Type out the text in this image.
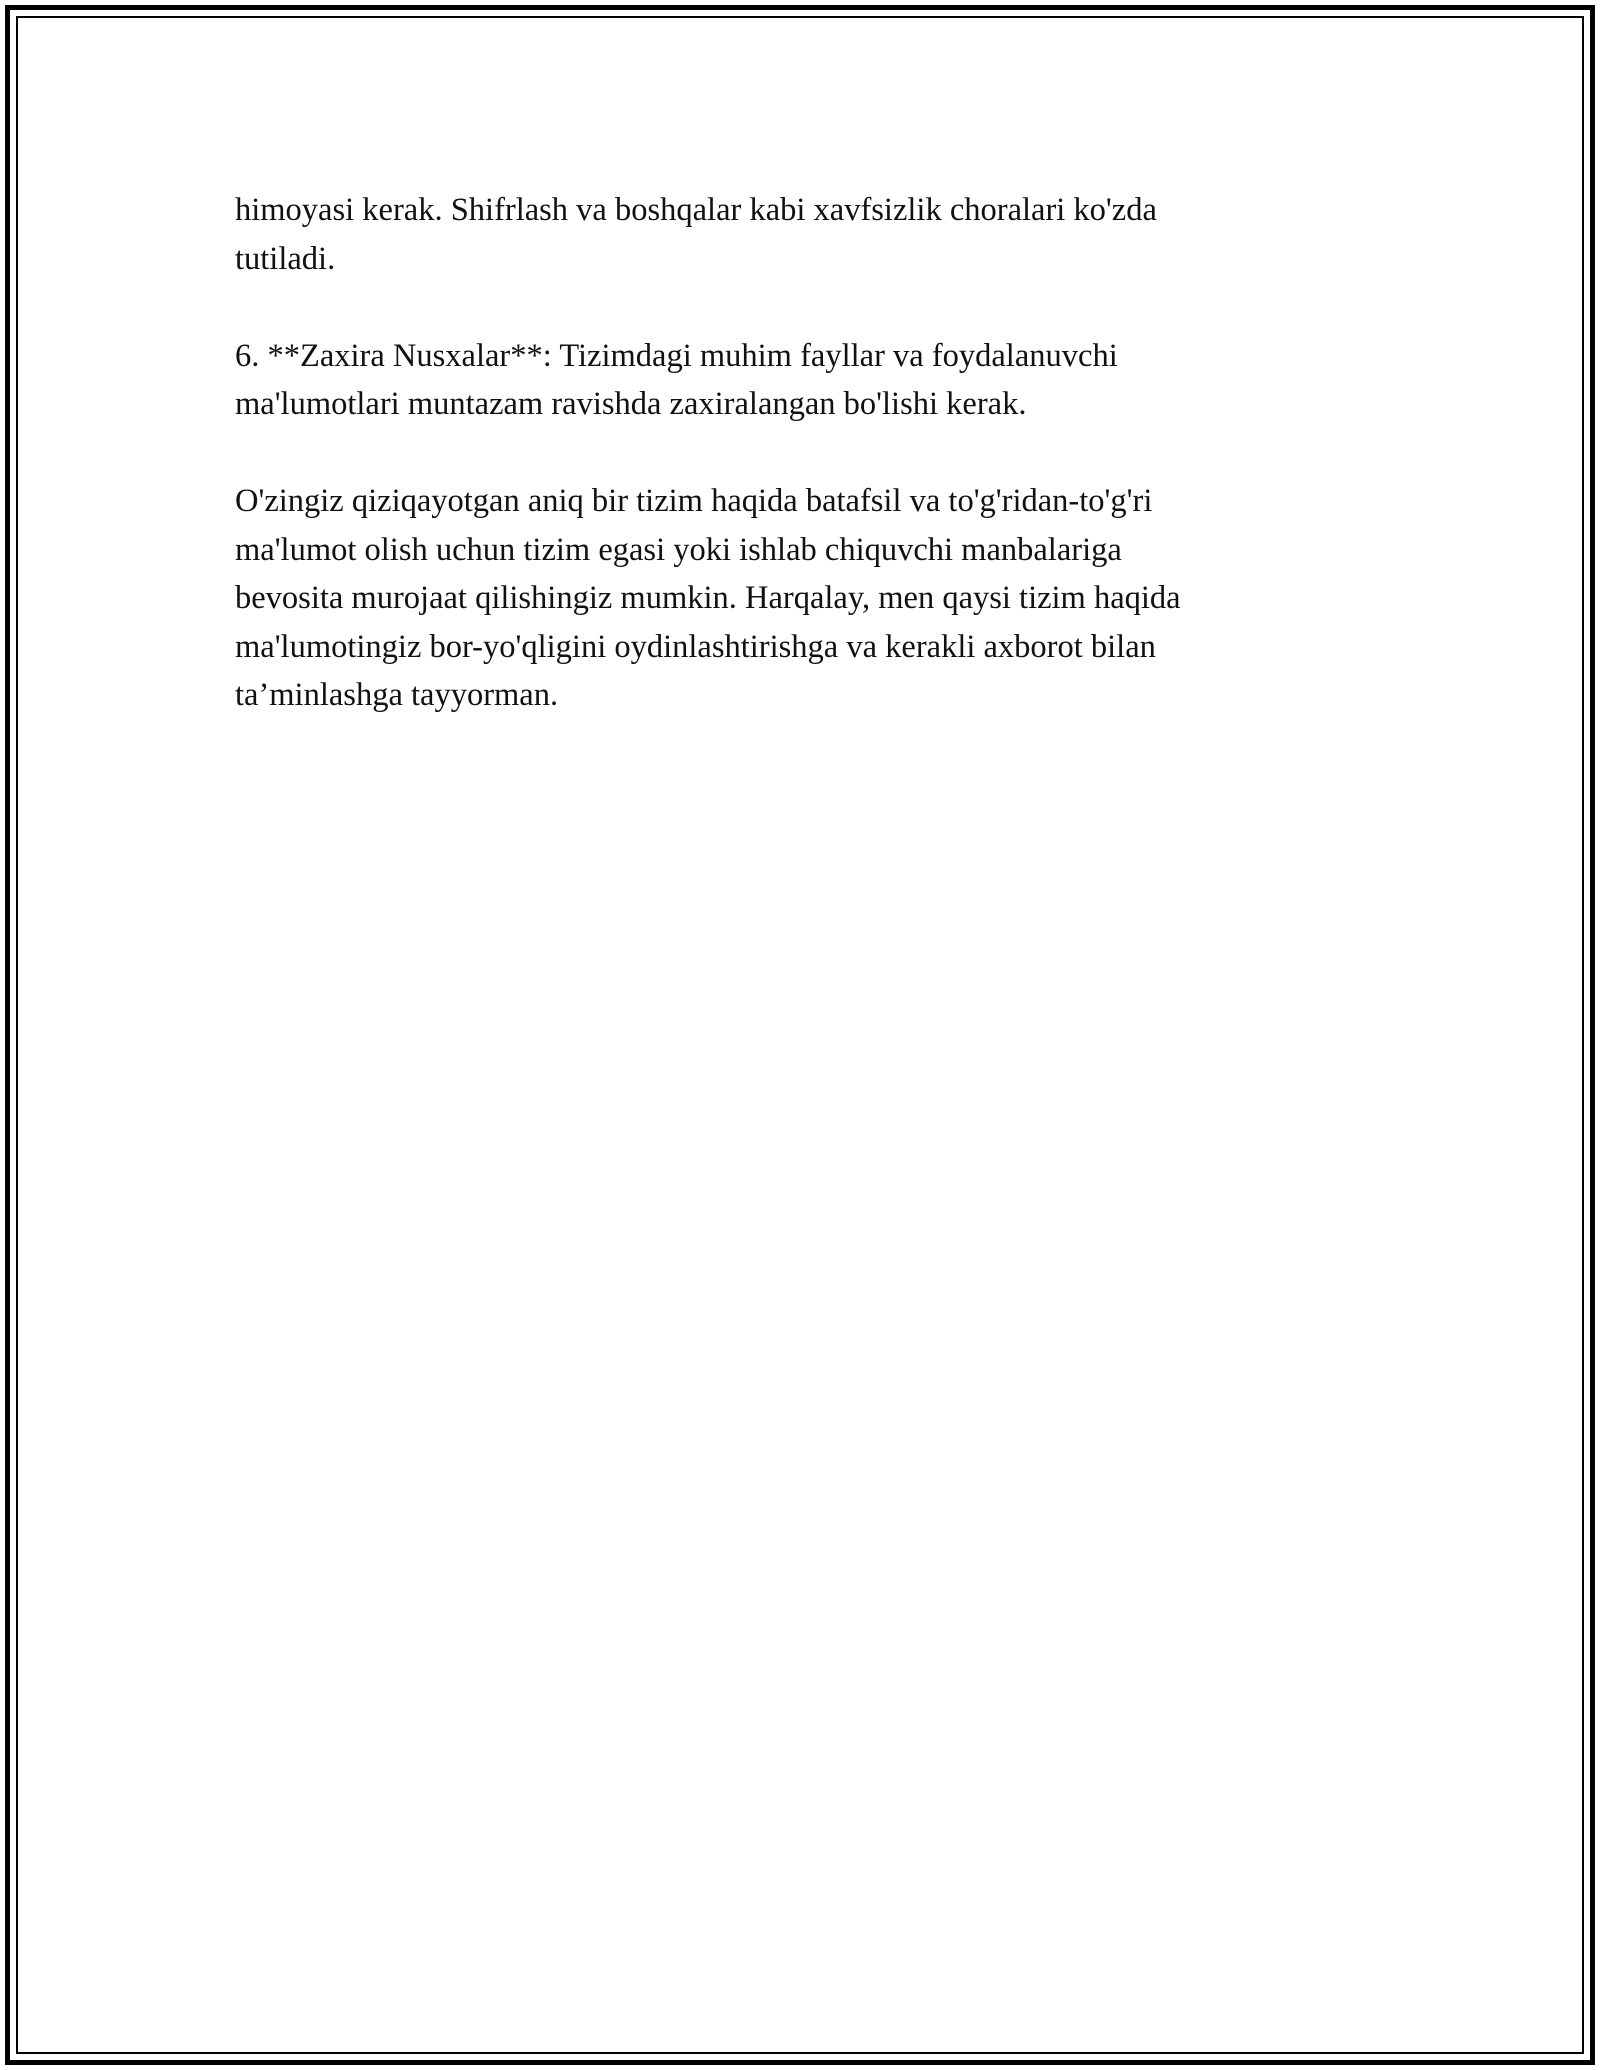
himoyasi kerak. Shifrlash va boshqalar kabi xavfsizlik choralari ko'zda
tutiladi.

6. **Zaxira Nusxalar**: Tizimdagi muhim fayllar va foydalanuvchi
ma'lumotlari muntazam ravishda zaxiralangan bo'lishi kerak.

O'zingiz qiziqayotgan aniq bir tizim haqida batafsil va to'g'ridan-to'g'ri
ma'lumot olish uchun tizim egasi yoki ishlab chiquvchi manbalariga
bevosita murojaat qilishingiz mumkin. Harqalay, men qaysi tizim haqida
ma'lumotingiz bor-yo'qligini oydinlashtirishga va kerakli axborot bilan
ta’minlashga tayyorman.
